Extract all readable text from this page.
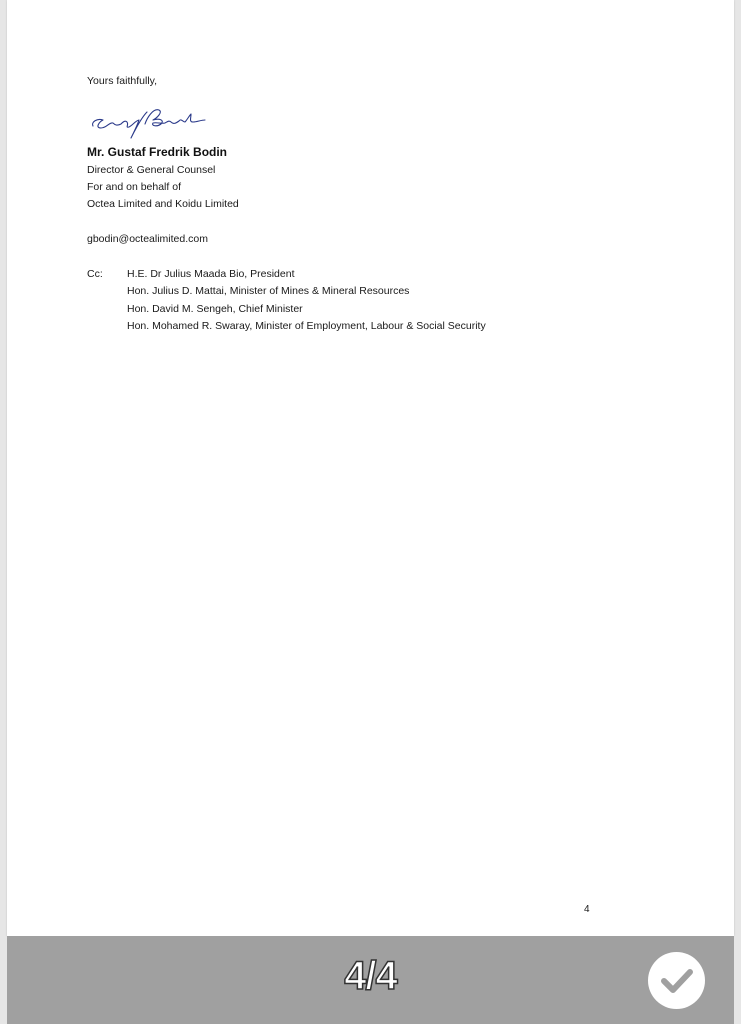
Yours faithfully,
Mr. Gustaf Fredrik Bodin
Director & General Counsel
For and on behalf of
Octea Limited and Koidu Limited
gbodin@octealimited.com
Cc: H.E. Dr Julius Maada Bio, President
Hon. Julius D. Mattai, Minister of Mines & Mineral Resources
Hon. David M. Sengeh, Chief Minister
Hon. Mohamed R. Swaray, Minister of Employment, Labour & Social Security
4
4/4
